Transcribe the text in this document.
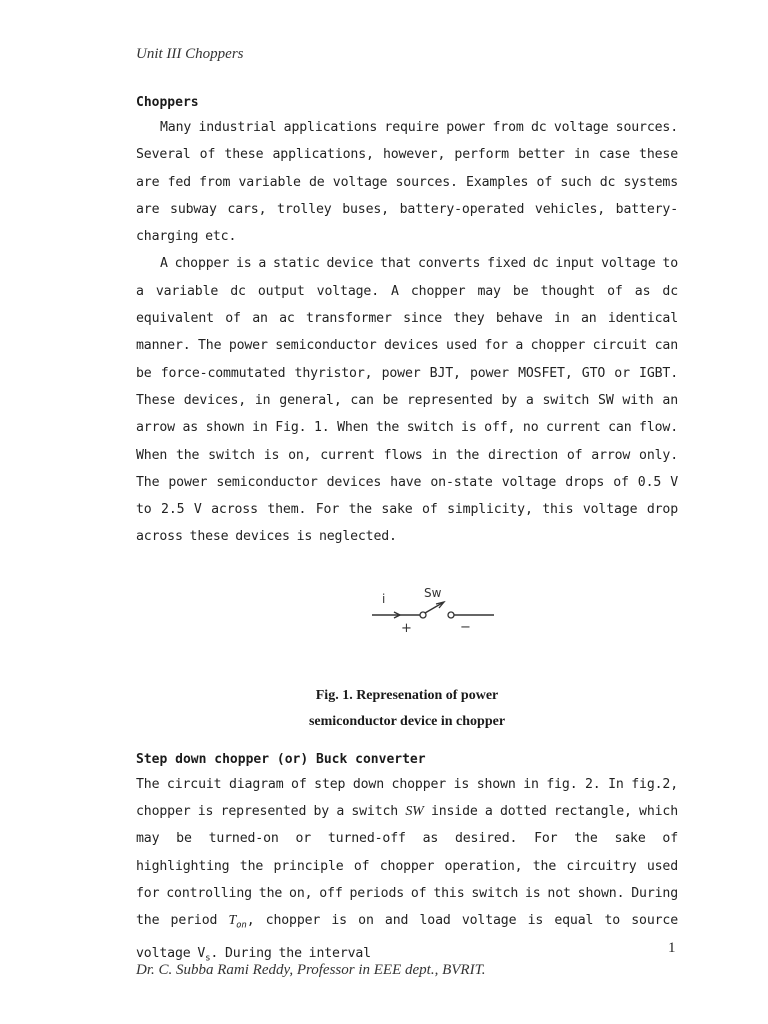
Unit III Choppers
Choppers

Many industrial applications require power from dc voltage sources. Several of these applications, however, perform better in case these are fed from variable de voltage sources. Examples of such dc systems are subway cars, trolley buses, battery-operated vehicles, battery-charging etc.

A chopper is a static device that converts fixed dc input voltage to a variable dc output voltage. A chopper may be thought of as dc equivalent of an ac transformer since they behave in an identical manner. The power semiconductor devices used for a chopper circuit can be force-commutated thyristor, power BJT, power MOSFET, GTO or IGBT. These devices, in general, can be represented by a switch SW with an arrow as shown in Fig. 1. When the switch is off, no current can flow. When the switch is on, current flows in the direction of arrow only. The power semiconductor devices have on-state voltage drops of 0.5 V to 2.5 V across them. For the sake of simplicity, this voltage drop across these devices is neglected.

i	Sw
+	−
Fig. 1. Represenation of power
semiconductor device in chopper
Step down chopper (or) Buck converter

The circuit diagram of step down chopper is shown in fig. 2. In fig.2, chopper is represented by a switch SW inside a dotted rectangle, which may be turned-on or turned-off as desired. For the sake of highlighting the principle of chopper operation, the circuitry used for controlling the on, off periods of this switch is not shown. During the period $T_{on}$, chopper is on and load voltage is equal to source voltage $V_s$. During the interval	1
Dr. C. Subba Rami Reddy, Professor in EEE dept., BVRIT.
